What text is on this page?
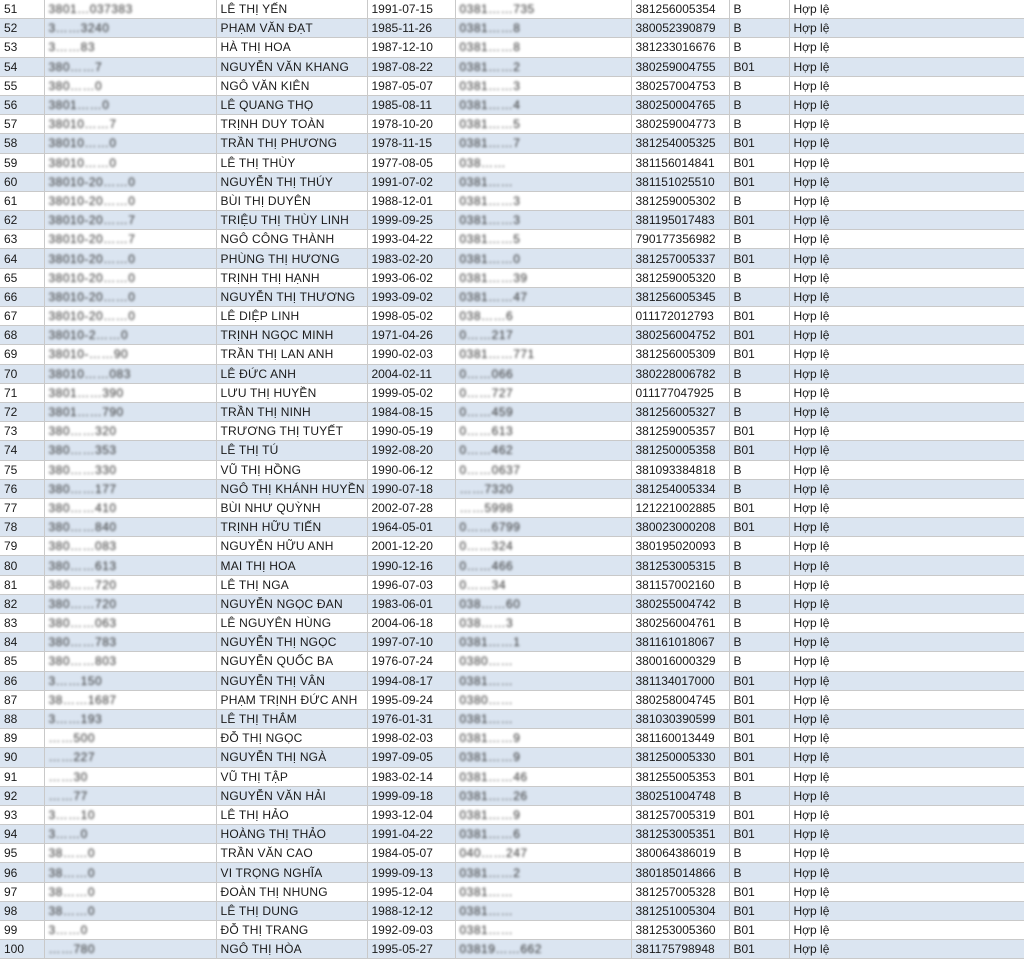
51	3801…037383	LÊ THỊ YẾN	1991-07-15	0381……735	381256005354	B	Hợp lệ
52	3……3240	PHẠM VĂN ĐẠT	1985-11-26	0381……8	380052390879	B	Hợp lệ
53	3……83	HÀ THỊ HOA	1987-12-10	0381……8	381233016676	B	Hợp lệ
54	380……7	NGUYỄN VĂN KHANG	1987-08-22	0381……2	380259004755	B01	Hợp lệ
55	380……0	NGÔ VĂN KIÊN	1987-05-07	0381……3	380257004753	B	Hợp lệ
56	3801……0	LÊ QUANG THỌ	1985-08-11	0381……4	380250004765	B	Hợp lệ
57	38010……7	TRỊNH DUY TOÀN	1978-10-20	0381……5	380259004773	B	Hợp lệ
58	38010……0	TRẦN THỊ PHƯƠNG	1978-11-15	0381……7	381254005325	B01	Hợp lệ
59	38010……0	LÊ THỊ THÙY	1977-08-05	038……	381156014841	B01	Hợp lệ
60	38010-20……0	NGUYỄN THỊ THÚY	1991-07-02	0381……	381151025510	B01	Hợp lệ
61	38010-20……0	BÙI THỊ DUYÊN	1988-12-01	0381……3	381259005302	B	Hợp lệ
62	38010-20……7	TRIỆU THỊ THÙY LINH	1999-09-25	0381……3	381195017483	B01	Hợp lệ
63	38010-20……7	NGÔ CÔNG THÀNH	1993-04-22	0381……5	790177356982	B	Hợp lệ
64	38010-20……0	PHÙNG THỊ HƯƠNG	1983-02-20	0381……0	381257005337	B01	Hợp lệ
65	38010-20……0	TRỊNH THỊ HẠNH	1993-06-02	0381……39	381259005320	B	Hợp lệ
66	38010-20……0	NGUYỄN THỊ THƯƠNG	1993-09-02	0381……47	381256005345	B	Hợp lệ
67	38010-20……0	LÊ DIỆP LINH	1998-05-02	038……6	011172012793	B01	Hợp lệ
68	38010-2……0	TRỊNH NGỌC MINH	1971-04-26	0……217	380256004752	B01	Hợp lệ
69	38010-……90	TRẦN THỊ LAN ANH	1990-02-03	0381……771	381256005309	B01	Hợp lệ
70	38010……083	LÊ ĐỨC ANH	2004-02-11	0……066	380228006782	B	Hợp lệ
71	3801……390	LƯU THỊ HUYỀN	1999-05-02	0……727	011177047925	B	Hợp lệ
72	3801……790	TRẦN THỊ NINH	1984-08-15	0……459	381256005327	B	Hợp lệ
73	380……320	TRƯƠNG THỊ TUYẾT	1990-05-19	0……613	381259005357	B01	Hợp lệ
74	380……353	LÊ THỊ TÚ	1992-08-20	0……462	381250005358	B01	Hợp lệ
75	380……330	VŨ THỊ HỒNG	1990-06-12	0……0637	381093384818	B	Hợp lệ
76	380……177	NGÔ THỊ KHÁNH HUYỀN	1990-07-18	……7320	381254005334	B	Hợp lệ
77	380……410	BÙI NHƯ QUỲNH	2002-07-28	……5998	121221002885	B01	Hợp lệ
78	380……840	TRỊNH HỮU TIẾN	1964-05-01	0……6799	380023000208	B01	Hợp lệ
79	380……083	NGUYỄN HỮU ANH	2001-12-20	0……324	380195020093	B	Hợp lệ
80	380……613	MAI THỊ HOA	1990-12-16	0……466	381253005315	B	Hợp lệ
81	380……720	LÊ THỊ NGA	1996-07-03	0……34	381157002160	B	Hợp lệ
82	380……720	NGUYỄN NGỌC ĐAN	1983-06-01	038……60	380255004742	B	Hợp lệ
83	380……063	LÊ NGUYÊN HÙNG	2004-06-18	038……3	380256004761	B	Hợp lệ
84	380……783	NGUYỄN THỊ NGỌC	1997-07-10	0381……1	381161018067	B	Hợp lệ
85	380……803	NGUYỄN QUỐC BA	1976-07-24	0380……	380016000329	B	Hợp lệ
86	3……150	NGUYỄN THỊ VÂN	1994-08-17	0381……	381134017000	B01	Hợp lệ
87	38……1687	PHẠM TRỊNH ĐỨC ANH	1995-09-24	0380……	380258004745	B01	Hợp lệ
88	3……193	LÊ THỊ THẮM	1976-01-31	0381……	381030390599	B01	Hợp lệ
89	……500	ĐỖ THỊ NGỌC	1998-02-03	0381……9	381160013449	B01	Hợp lệ
90	……227	NGUYỄN THỊ NGÀ	1997-09-05	0381……9	381250005330	B01	Hợp lệ
91	……30	VŨ THỊ TẬP	1983-02-14	0381……46	381255005353	B01	Hợp lệ
92	……77	NGUYỄN VĂN HẢI	1999-09-18	0381……26	380251004748	B	Hợp lệ
93	3……10	LÊ THỊ HẢO	1993-12-04	0381……9	381257005319	B01	Hợp lệ
94	3……0	HOÀNG THỊ THẢO	1991-04-22	0381……6	381253005351	B01	Hợp lệ
95	38……0	TRẦN VĂN CAO	1984-05-07	040……247	380064386019	B	Hợp lệ
96	38……0	VI TRỌNG NGHĨA	1999-09-13	0381……2	380185014866	B	Hợp lệ
97	38……0	ĐOÀN THỊ NHUNG	1995-12-04	0381……	381257005328	B01	Hợp lệ
98	38……0	LÊ THỊ DUNG	1988-12-12	0381……	381251005304	B01	Hợp lệ
99	3……0	ĐỖ THỊ TRANG	1992-09-03	0381……	381253005360	B01	Hợp lệ
100	……780	NGÔ THỊ HÒA	1995-05-27	03819……662	381175798948	B01	Hợp lệ
